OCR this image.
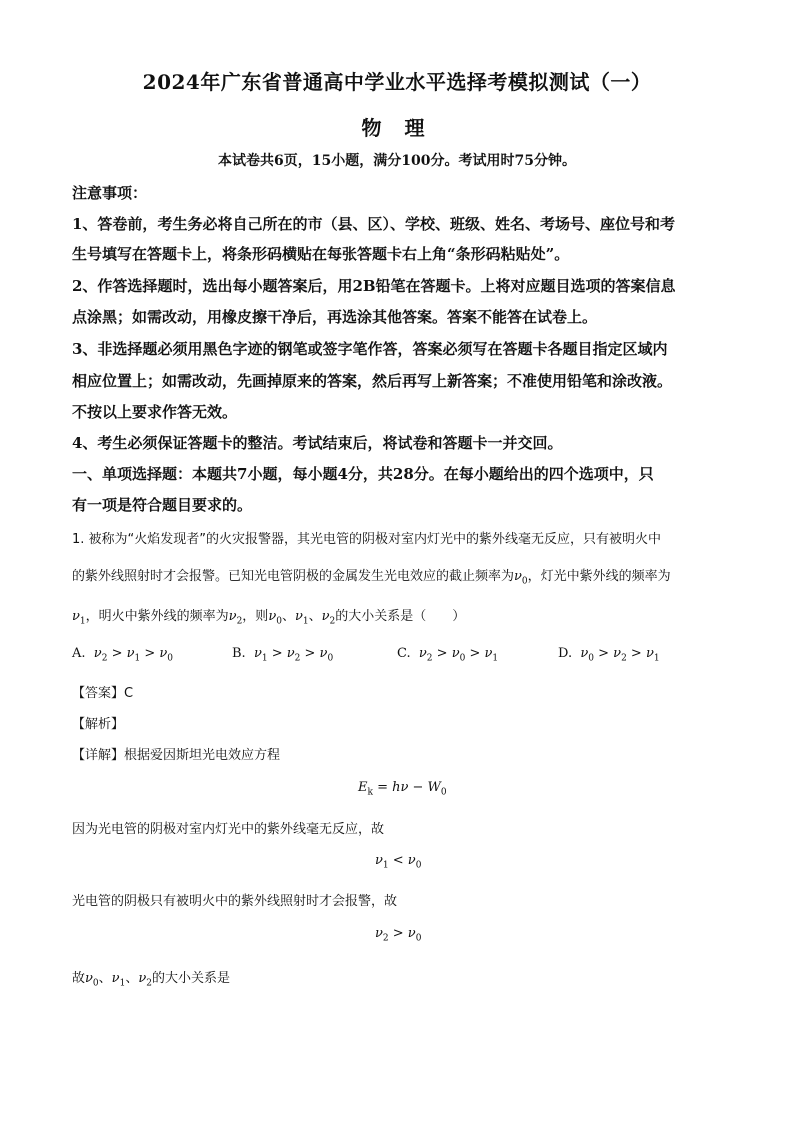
2024年广东省普通高中学业水平选择考模拟测试（一）
物 理
本试卷共6页，15小题，满分100分。考试用时75分钟。
注意事项：
1、答卷前，考生务必将自己所在的市（县、区）、学校、班级、姓名、考场号、座位号和考
生号填写在答题卡上，将条形码横贴在每张答题卡右上角“条形码粘贴处”。
2、作答选择题时，选出每小题答案后，用2B铅笔在答题卡。上将对应题目选项的答案信息
点涂黑；如需改动，用橡皮擦干净后，再选涂其他答案。答案不能答在试卷上。
3、非选择题必须用黑色字迹的钢笔或签字笔作答，答案必须写在答题卡各题目指定区域内
相应位置上；如需改动，先画掉原来的答案，然后再写上新答案；不准使用铅笔和涂改液。
不按以上要求作答无效。
4、考生必须保证答题卡的整洁。考试结束后，将试卷和答题卡一并交回。
一、单项选择题：本题共7小题，每小题4分，共28分。在每小题给出的四个选项中，只
有一项是符合题目要求的。
1. 被称为“火焰发现者”的火灾报警器，其光电管的阴极对室内灯光中的紫外线毫无反应，只有被明火中
的紫外线照射时才会报警。已知光电管阴极的金属发生光电效应的截止频率为$\nu_0$，灯光中紫外线的频率为
$\nu_1$，明火中紫外线的频率为$\nu_2$，则$\nu_0$、$\nu_1$、$\nu_2$的大小关系是（　　）
A. $\nu_2 > \nu_1 > \nu_0$	B. $\nu_1 > \nu_2 > \nu_0$	C. $\nu_2 > \nu_0 > \nu_1$	D. $\nu_0 > \nu_2 > \nu_1$
【答案】C
【解析】
【详解】根据爱因斯坦光电效应方程
$E_k = h\nu - W_0$
因为光电管的阴极对室内灯光中的紫外线毫无反应，故
$\nu_1 < \nu_0$
光电管的阴极只有被明火中的紫外线照射时才会报警，故
$\nu_2 > \nu_0$
故$\nu_0$、$\nu_1$、$\nu_2$的大小关系是
